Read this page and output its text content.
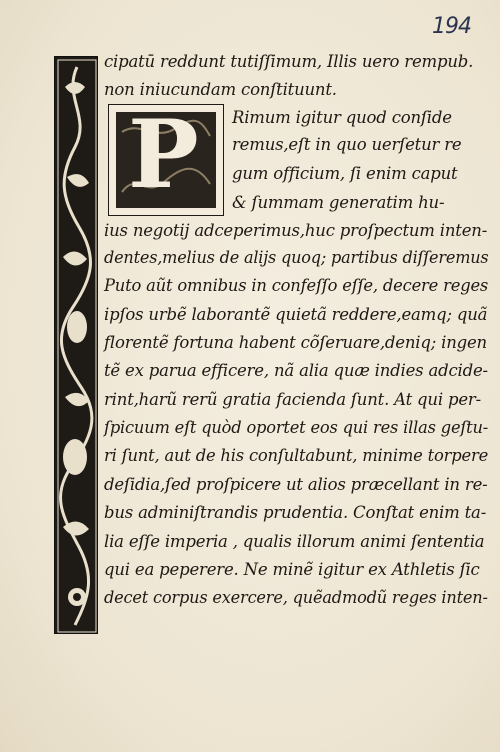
194
P
cipatū reddunt tutiſſimum, Illis uero rempub.
non iniucundam conſtituunt.
Rimum igitur quod conſide
remus,eſt in quo uerſetur re
gum officium, ſi enim caput
& ſummam generatim hu-
ius negotij adceperimus,huc proſpectum inten-
dentes,melius de alijs quoq; partibus diſſeremus
Puto aũt omnibus in confeſſo eſſe, decere reges
ipſos urbẽ laborantẽ quietã reddere,eamq; quã
florentẽ fortuna habent cõſeruare,deniq; ingen
tẽ ex parua efficere, nã alia quæ indies adcide-
rint,harũ rerũ gratia facienda ſunt. At qui per-
ſpicuum eſt quòd oportet eos qui res illas geſtu-
ri ſunt, aut de his conſultabunt, minime torpere
deſidia,ſed proſpicere ut alios præcellant in re-
bus adminiſtrandis prudentia. Conſtat enim ta-
lia eſſe imperia , qualis illorum animi ſententia
qui ea peperere. Ne minẽ igitur ex Athletis ſic
decet corpus exercere, quẽadmodũ reges inten-
